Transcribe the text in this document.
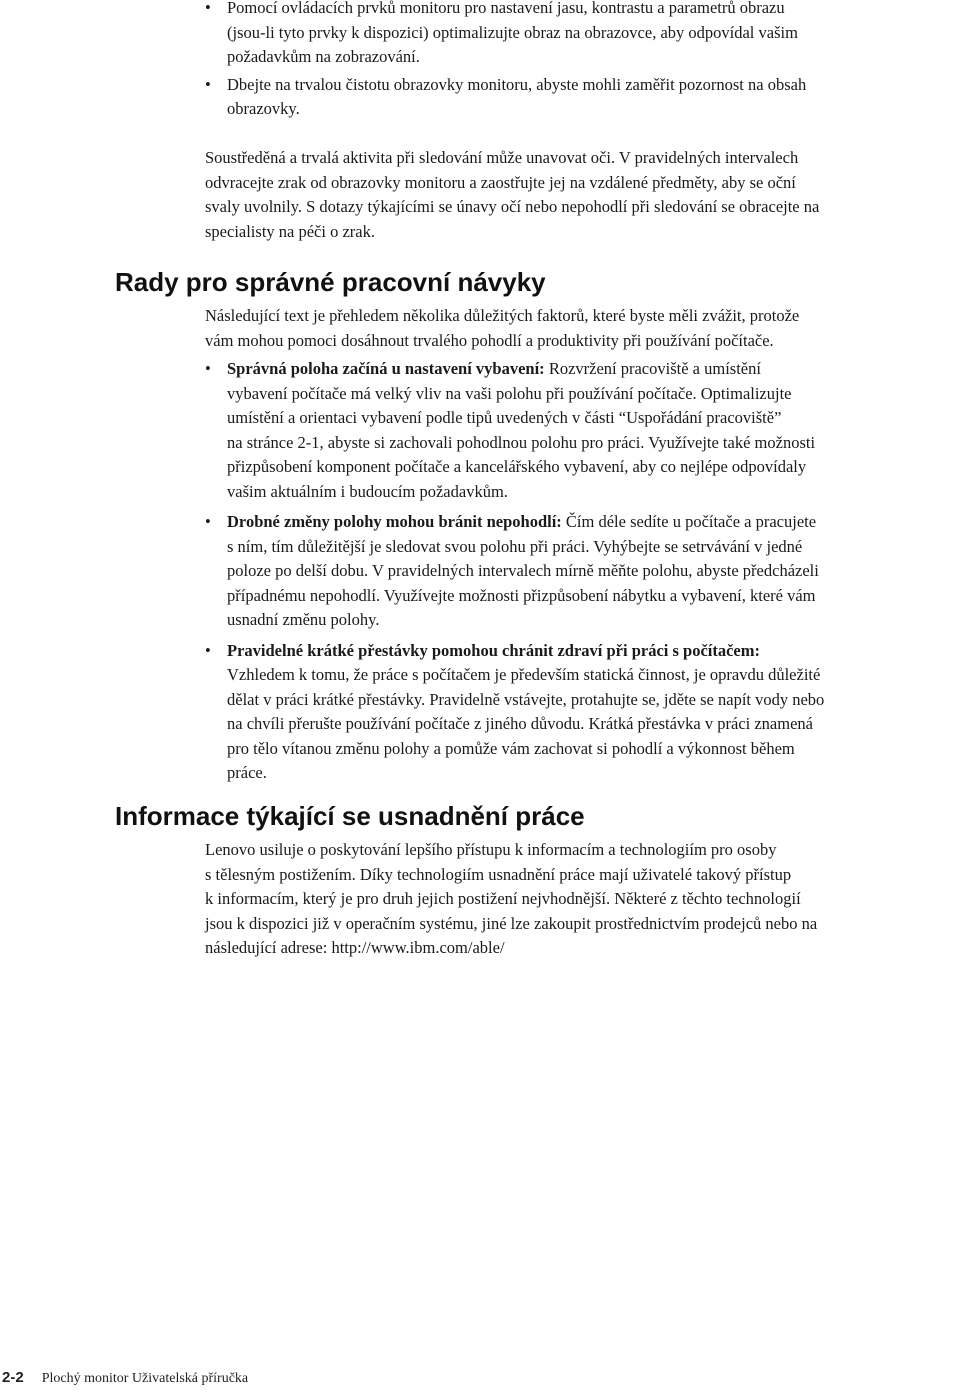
• Pomocí ovládacích prvků monitoru pro nastavení jasu, kontrastu a parametrů obrazu
(jsou-li tyto prvky k dispozici) optimalizujte obraz na obrazovce, aby odpovídal vašim
požadavkům na zobrazování.

• Dbejte na trvalou čistotu obrazovky monitoru, abyste mohli zaměřit pozornost na obsah
obrazovky.

Soustředěná a trvalá aktivita při sledování může unavovat oči. V pravidelných intervalech
odvracejte zrak od obrazovky monitoru a zaostřujte jej na vzdálené předměty, aby se oční
svaly uvolnily. S dotazy týkajícími se únavy očí nebo nepohodlí při sledování se obracejte na
specialisty na péči o zrak.

Rady pro správné pracovní návyky

Následující text je přehledem několika důležitých faktorů, které byste měli zvážit, protože
vám mohou pomoci dosáhnout trvalého pohodlí a produktivity při používání počítače.

• Správná poloha začíná u nastavení vybavení: Rozvržení pracoviště a umístění
vybavení počítače má velký vliv na vaši polohu při používání počítače. Optimalizujte
umístění a orientaci vybavení podle tipů uvedených v části “Uspořádání pracoviště”
na stránce 2-1, abyste si zachovali pohodlnou polohu pro práci. Využívejte také možnosti
přizpůsobení komponent počítače a kancelářského vybavení, aby co nejlépe odpovídaly
vašim aktuálním i budoucím požadavkům.

• Drobné změny polohy mohou bránit nepohodlí: Čím déle sedíte u počítače a pracujete
s ním, tím důležitější je sledovat svou polohu při práci. Vyhýbejte se setrvávání v jedné
poloze po delší dobu. V pravidelných intervalech mírně měňte polohu, abyste předcházeli
případnému nepohodlí. Využívejte možnosti přizpůsobení nábytku a vybavení, které vám
usnadní změnu polohy.

• Pravidelné krátké přestávky pomohou chránit zdraví při práci s počítačem:
Vzhledem k tomu, že práce s počítačem je především statická činnost, je opravdu důležité
dělat v práci krátké přestávky. Pravidelně vstávejte, protahujte se, jděte se napít vody nebo
na chvíli přerušte používání počítače z jiného důvodu. Krátká přestávka v práci znamená
pro tělo vítanou změnu polohy a pomůže vám zachovat si pohodlí a výkonnost během
práce.

Informace týkající se usnadnění práce

Lenovo usiluje o poskytování lepšího přístupu k informacím a technologiím pro osoby
s tělesným postižením. Díky technologiím usnadnění práce mají uživatelé takový přístup
k informacím, který je pro druh jejich postižení nejvhodnější. Některé z těchto technologií
jsou k dispozici již v operačním systému, jiné lze zakoupit prostřednictvím prodejců nebo na
následující adrese: http://www.ibm.com/able/

2-2 Plochý monitor Uživatelská příručka
